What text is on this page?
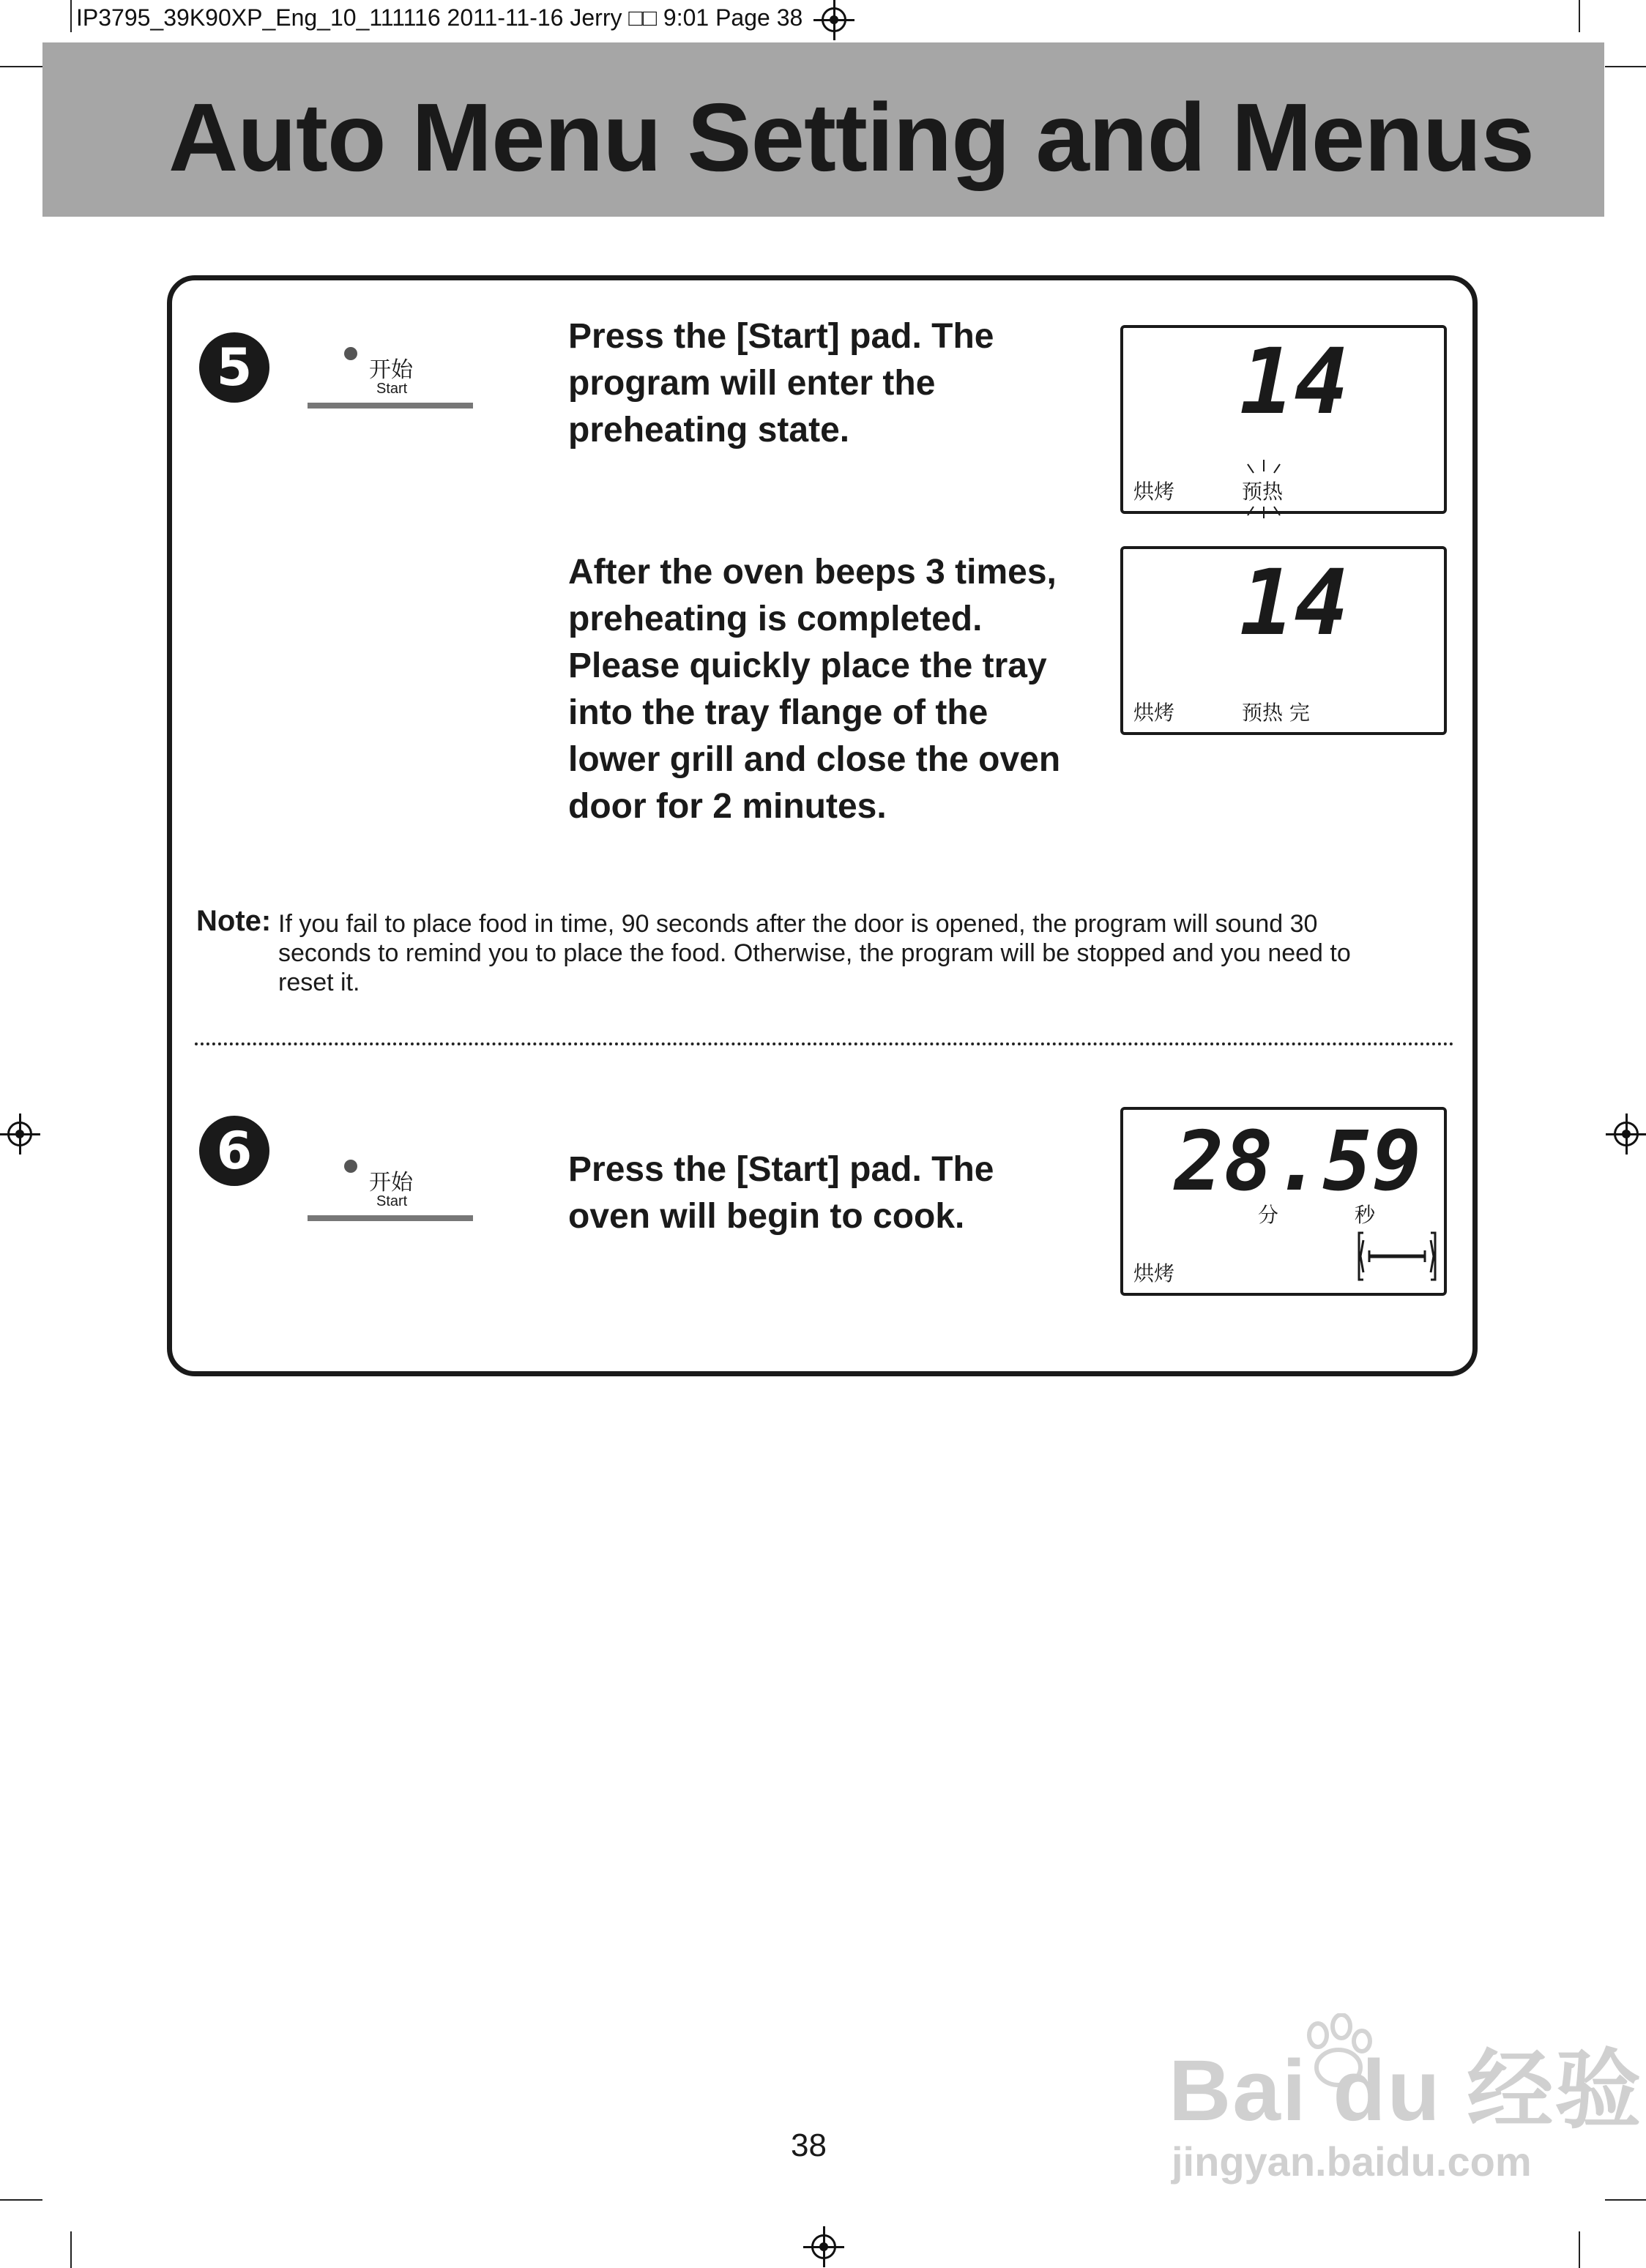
IP3795_39K90XP_Eng_10_111116 2011-11-16 Jerry □□ 9:01 Page 38
Auto Menu Setting and Menus
5	开始
Start
Press the [Start] pad. The
program will enter the
preheating state.
After the oven beeps 3 times,
preheating is completed.
Please quickly place the tray
into the tray flange of the
lower grill and close the oven
door for 2 minutes.
14
烘烤	预热
14
烘烤	预热 完
Note: If you fail to place food in time, 90 seconds after the door is opened, the program will sound 30
seconds to remind you to place the food. Otherwise, the program will be stopped and you need to
reset it.
6
开始
Start
Press the [Start] pad. The
oven will begin to cook.
28.59
分	秒
烘烤
38
Bai du 经验
jingyan.baidu.com
